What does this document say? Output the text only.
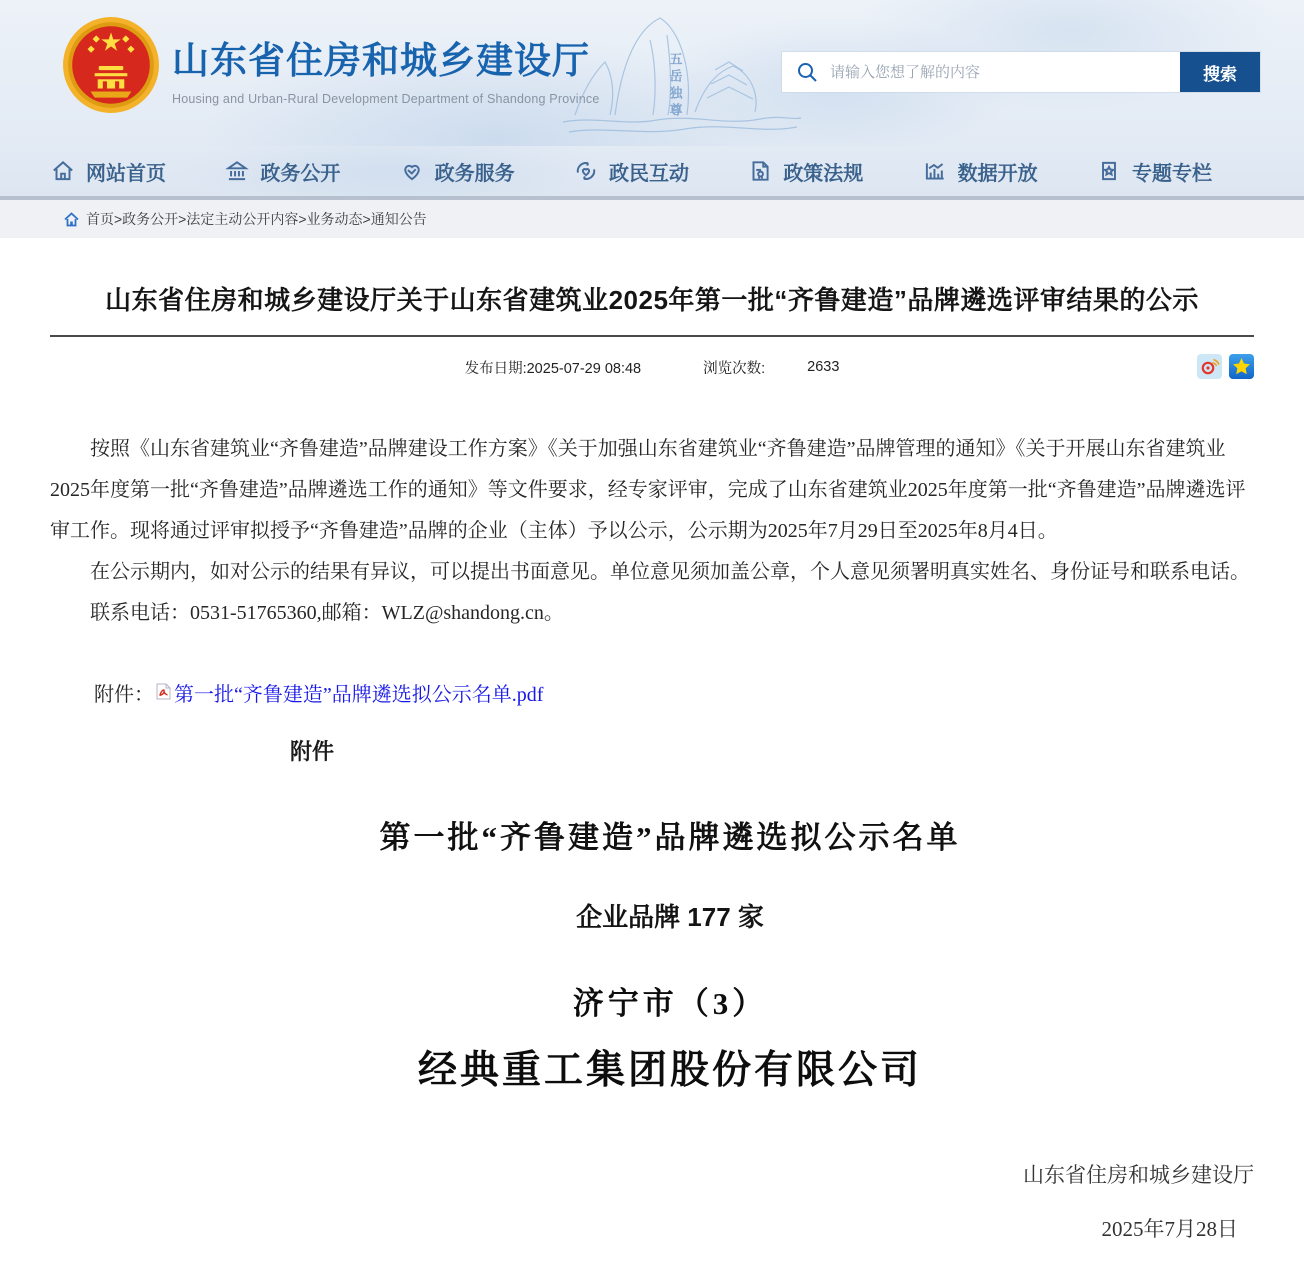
山东省住房和城乡建设厅
Housing and Urban-Rural Development Department of Shandong Province	五岳独尊
请输入您想了解的内容	搜索
网站首页	政务公开	政务服务	政民互动	政策法规	数据开放	专题专栏
首页>政务公开>法定主动公开内容>业务动态>通知公告
山东省住房和城乡建设厅关于山东省建筑业2025年第一批“齐鲁建造”品牌遴选评审结果的公示
发布日期:2025-07-29 08:48	浏览次数:	2633

按照《山东省建筑业“齐鲁建造”品牌建设工作方案》《关于加强山东省建筑业“齐鲁建造”品牌管理的通知》《关于开展山东省建筑业2025年度第一批“齐鲁建造”品牌遴选工作的通知》等文件要求，经专家评审，完成了山东省建筑业2025年度第一批“齐鲁建造”品牌遴选评审工作。现将通过评审拟授予“齐鲁建造”品牌的企业（主体）予以公示，公示期为2025年7月29日至2025年8月4日。

在公示期内，如对公示的结果有异议，可以提出书面意见。单位意见须加盖公章，个人意见须署明真实姓名、身份证号和联系电话。

联系电话：0531-51765360,邮箱：WLZ@shandong.cn。

附件： 第一批“齐鲁建造”品牌遴选拟公示名单.pdf
附件
第一批“齐鲁建造”品牌遴选拟公示名单
企业品牌 177 家
济宁市（3）
经典重工集团股份有限公司
山东省住房和城乡建设厅
2025年7月28日
